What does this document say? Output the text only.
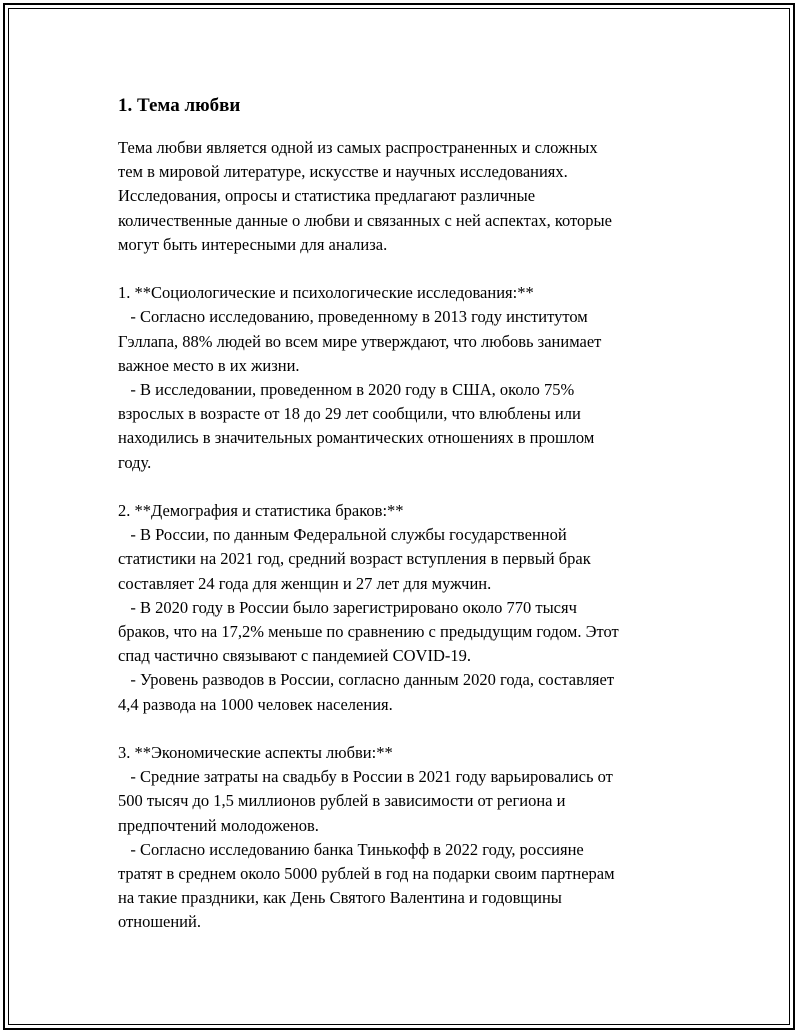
1. Тема любви
Тема любви является одной из самых распространенных и сложных
тем в мировой литературе, искусстве и научных исследованиях.
Исследования, опросы и статистика предлагают различные
количественные данные о любви и связанных с ней аспектах, которые
могут быть интересными для анализа.
1. **Социологические и психологические исследования:**
- Согласно исследованию, проведенному в 2013 году институтом
Гэллапа, 88% людей во всем мире утверждают, что любовь занимает
важное место в их жизни.
- В исследовании, проведенном в 2020 году в США, около 75%
взрослых в возрасте от 18 до 29 лет сообщили, что влюблены или
находились в значительных романтических отношениях в прошлом
году.
2. **Демография и статистика браков:**
- В России, по данным Федеральной службы государственной
статистики на 2021 год, средний возраст вступления в первый брак
составляет 24 года для женщин и 27 лет для мужчин.
- В 2020 году в России было зарегистрировано около 770 тысяч
браков, что на 17,2% меньше по сравнению с предыдущим годом. Этот
спад частично связывают с пандемией COVID-19.
- Уровень разводов в России, согласно данным 2020 года, составляет
4,4 развода на 1000 человек населения.
3. **Экономические аспекты любви:**
- Средние затраты на свадьбу в России в 2021 году варьировались от
500 тысяч до 1,5 миллионов рублей в зависимости от региона и
предпочтений молодоженов.
- Согласно исследованию банка Тинькофф в 2022 году, россияне
тратят в среднем около 5000 рублей в год на подарки своим партнерам
на такие праздники, как День Святого Валентина и годовщины
отношений.
